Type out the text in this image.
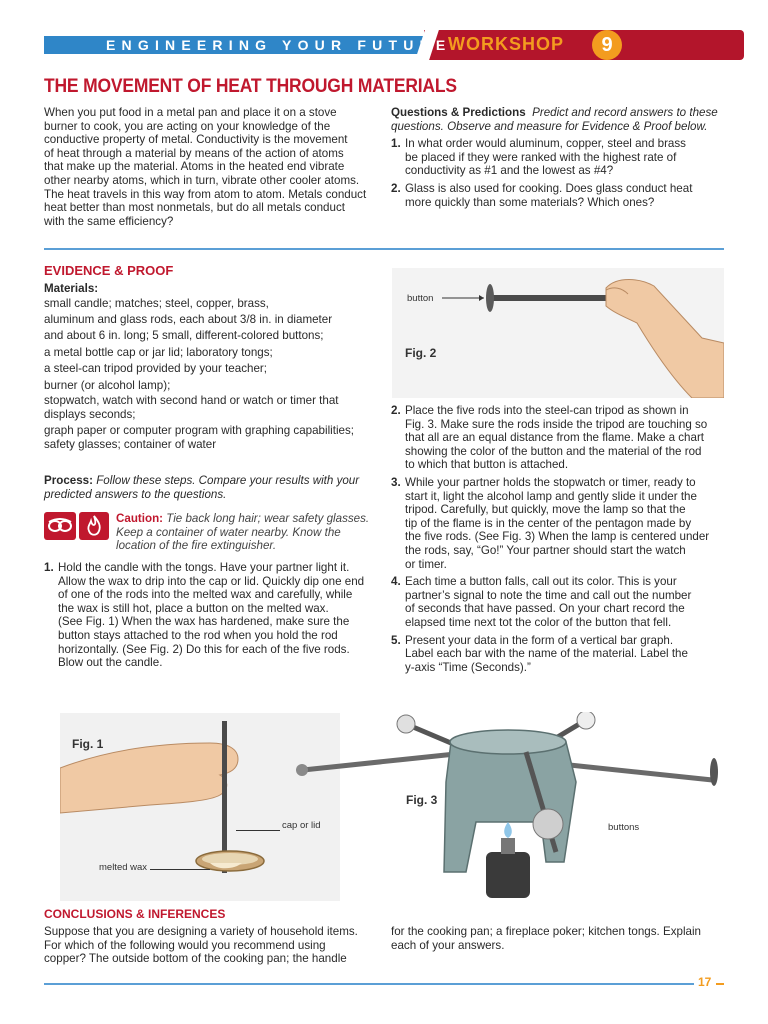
ENGINEERING YOUR FUTURE
WORKSHOP	9
THE MOVEMENT OF HEAT THROUGH MATERIALS
When you put food in a metal pan and place it on a stove
burner to cook, you are acting on your knowledge of the
conductive property of metal. Conductivity is the movement
of heat through a material by means of the action of atoms
that make up the material. Atoms in the heated end vibrate
other nearby atoms, which in turn, vibrate other cooler atoms.
The heat travels in this way from atom to atom. Metals conduct
heat better than most nonmetals, but do all metals conduct
with the same efficiency?
Questions & Predictions Predict and record answers to these
questions. Observe and measure for Evidence & Proof below.
1. In what order would aluminum, copper, steel and brass
be placed if they were ranked with the highest rate of
conductivity as #1 and the lowest as #4?
2. Glass is also used for cooking. Does glass conduct heat
more quickly than some materials? Which ones?
EVIDENCE & PROOF
Materials:
small candle; matches; steel, copper, brass,
aluminum and glass rods, each about 3/8 in. in diameter
and about 6 in. long; 5 small, different-colored buttons;
a metal bottle cap or jar lid; laboratory tongs;
a steel-can tripod provided by your teacher;
burner (or alcohol lamp);
stopwatch, watch with second hand or watch or timer that
displays seconds;
graph paper or computer program with graphing capabilities;
safety glasses; container of water
Process: Follow these steps. Compare your results with your
predicted answers to the questions.
Caution: Tie back long hair; wear safety glasses.
Keep a container of water nearby. Know the
location of the fire extinguisher.
1. Hold the candle with the tongs. Have your partner light it.
Allow the wax to drip into the cap or lid. Quickly dip one end
of one of the rods into the melted wax and carefully, while
the wax is still hot, place a button on the melted wax.
(See Fig. 1) When the wax has hardened, make sure the
button stays attached to the rod when you hold the rod
horizontally. (See Fig. 2) Do this for each of the five rods.
Blow out the candle.
button
Fig. 2
2. Place the five rods into the steel-can tripod as shown in
Fig. 3. Make sure the rods inside the tripod are touching so
that all are an equal distance from the flame. Make a chart
showing the color of the button and the material of the rod
to which that button is attached.
3. While your partner holds the stopwatch or timer, ready to
start it, light the alcohol lamp and gently slide it under the
tripod. Carefully, but quickly, move the lamp so that the
tip of the flame is in the center of the pentagon made by
the five rods. (See Fig. 3) When the lamp is centered under
the rods, say, “Go!” Your partner should start the watch
or timer.
4. Each time a button falls, call out its color. This is your
partner’s signal to note the time and call out the number
of seconds that have passed. On your chart record the
elapsed time next tot the color of the button that fell.
5. Present your data in the form of a vertical bar graph.
Label each bar with the name of the material. Label the
y-axis “Time (Seconds).”
Fig. 1
cap or lid
melted wax
Fig. 3
buttons
CONCLUSIONS & INFERENCES
Suppose that you are designing a variety of household items.
For which of the following would you recommend using
copper? The outside bottom of the cooking pan; the handle
for the cooking pan; a fireplace poker; kitchen tongs. Explain
each of your answers.
17
